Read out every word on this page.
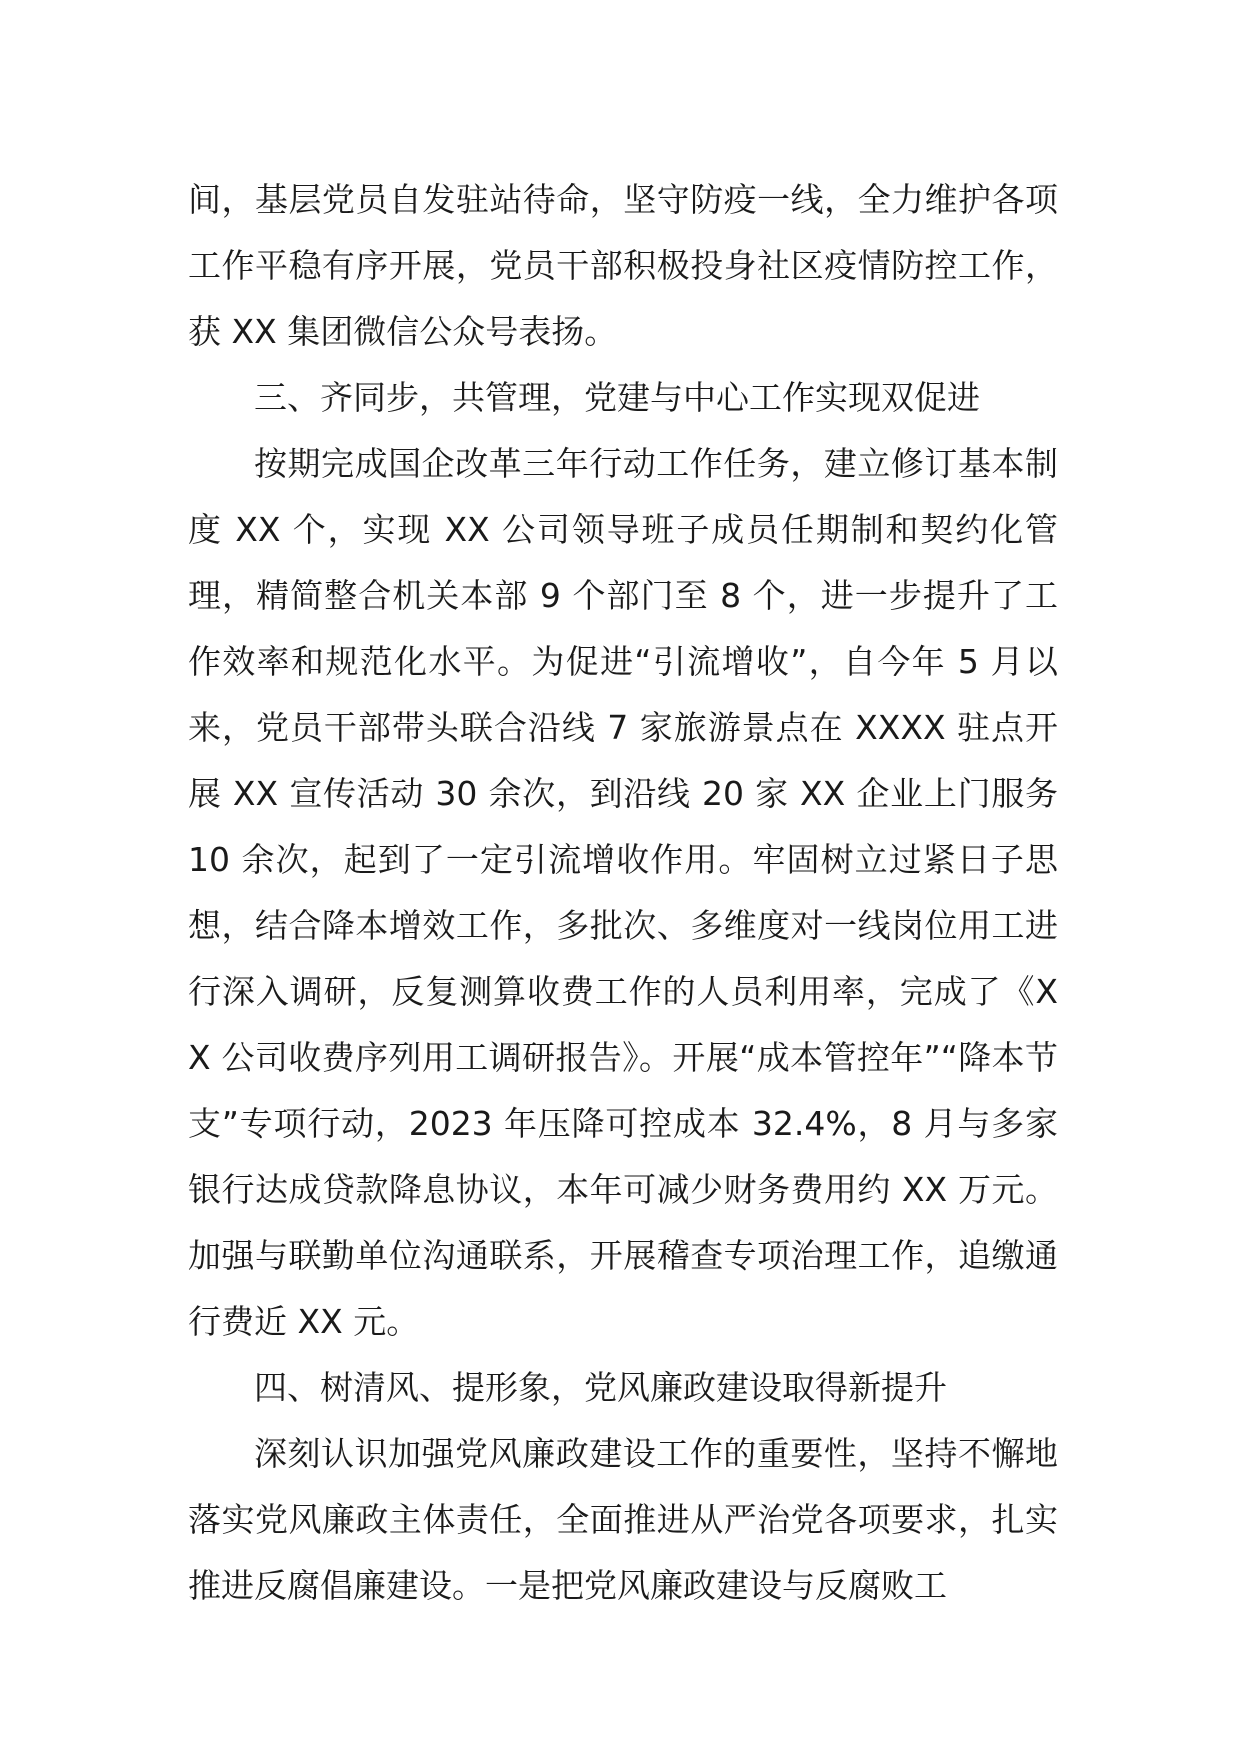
间，基层党员自发驻站待命，坚守防疫一线，全力维护各项工作平稳有序开展，党员干部积极投身社区疫情防控工作，获 XX 集团微信公众号表扬。

三、齐同步，共管理，党建与中心工作实现双促进

按期完成国企改革三年行动工作任务，建立修订基本制度 XX 个，实现 XX 公司领导班子成员任期制和契约化管理，精简整合机关本部 9 个部门至 8 个，进一步提升了工作效率和规范化水平。为促进“引流增收”，自今年 5 月以来，党员干部带头联合沿线 7 家旅游景点在 XXXX 驻点开展 XX 宣传活动 30 余次，到沿线 20 家 XX 企业上门服务 10 余次，起到了一定引流增收作用。牢固树立过紧日子思想，结合降本增效工作，多批次、多维度对一线岗位用工进行深入调研，反复测算收费工作的人员利用率，完成了《XX 公司收费序列用工调研报告》。开展“成本管控年”“降本节支”专项行动，2023 年压降可控成本 32.4%，8 月与多家银行达成贷款降息协议，本年可减少财务费用约 XX 万元。加强与联勤单位沟通联系，开展稽查专项治理工作，追缴通行费近 XX 元。

四、树清风、提形象，党风廉政建设取得新提升

深刻认识加强党风廉政建设工作的重要性，坚持不懈地落实党风廉政主体责任，全面推进从严治党各项要求，扎实推进反腐倡廉建设。一是把党风廉政建设与反腐败工
